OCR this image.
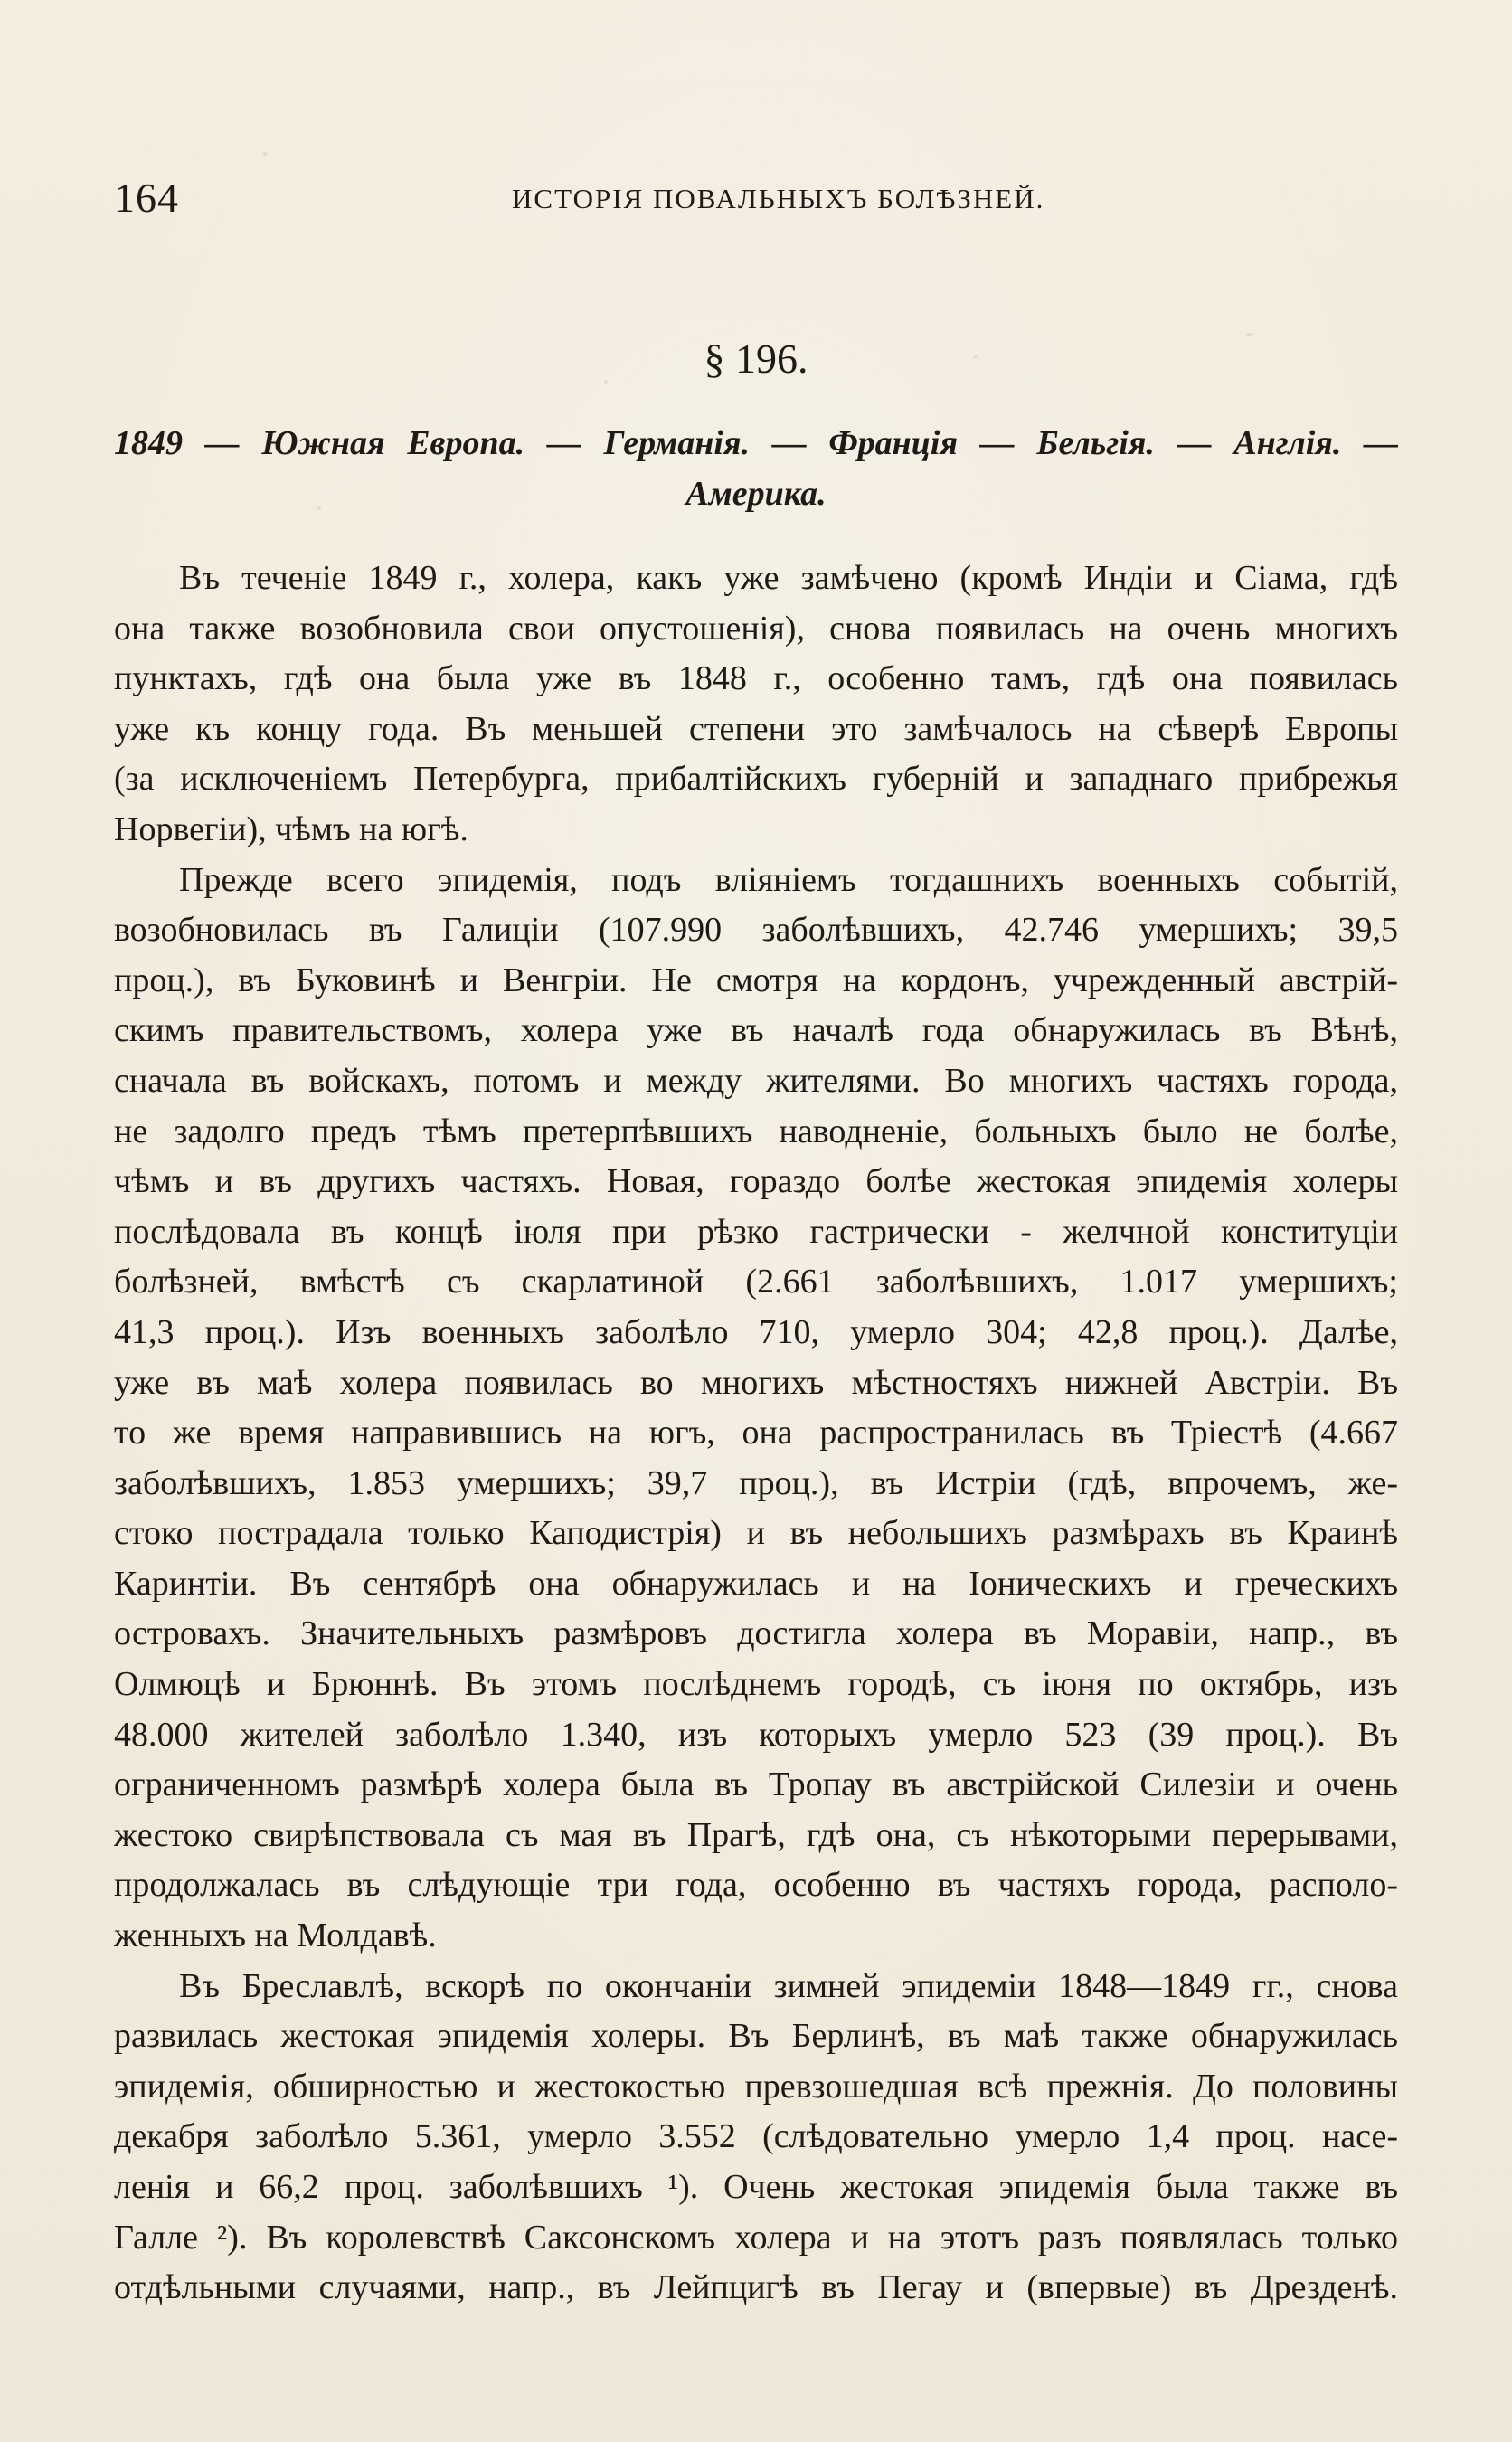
164	ИСТОРІЯ ПОВАЛЬНЫХЪ БОЛѢЗНЕЙ.
§ 196.
1849 — Южная Европа. — Германія. — Франція — Бельгія. — Англія. —
Америка.
Въ теченіе 1849 г., холера, какъ уже замѣчено (кромѣ Индіи и Сіама, гдѣ
она также возобновила свои опустошенія), снова появилась на очень многихъ
пунктахъ, гдѣ она была уже въ 1848 г., особенно тамъ, гдѣ она появилась
уже къ концу года. Въ меньшей степени это замѣчалось на сѣверѣ Европы
(за исключеніемъ Петербурга, прибалтійскихъ губерній и западнаго прибрежья
Норвегіи), чѣмъ на югѣ.
Прежде всего эпидемія, подъ вліяніемъ тогдашнихъ военныхъ событій,
возобновилась въ Галиціи (107.990 заболѣвшихъ, 42.746 умершихъ; 39,5
проц.), въ Буковинѣ и Венгріи. Не смотря на кордонъ, учрежденный австрій-
скимъ правительствомъ, холера уже въ началѣ года обнаружилась въ Вѣнѣ,
сначала въ войскахъ, потомъ и между жителями. Во многихъ частяхъ города,
не задолго предъ тѣмъ претерпѣвшихъ наводненіе, больныхъ было не болѣе,
чѣмъ и въ другихъ частяхъ. Новая, гораздо болѣе жестокая эпидемія холеры
послѣдовала въ концѣ іюля при рѣзко гастрически - желчной конституціи
болѣзней, вмѣстѣ съ скарлатиной (2.661 заболѣвшихъ, 1.017 умершихъ;
41,3 проц.). Изъ военныхъ заболѣло 710, умерло 304; 42,8 проц.). Далѣе,
уже въ маѣ холера появилась во многихъ мѣстностяхъ нижней Австріи. Въ
то же время направившись на югъ, она распространилась въ Тріестѣ (4.667
заболѣвшихъ, 1.853 умершихъ; 39,7 проц.), въ Истріи (гдѣ, впрочемъ, же-
стоко пострадала только Каподистрія) и въ небольшихъ размѣрахъ въ Краинѣ
Каринтіи. Въ сентябрѣ она обнаружилась и на Іоническихъ и греческихъ
островахъ. Значительныхъ размѣровъ достигла холера въ Моравіи, напр., въ
Олмюцѣ и Брюннѣ. Въ этомъ послѣднемъ городѣ, съ іюня по октябрь, изъ
48.000 жителей заболѣло 1.340, изъ которыхъ умерло 523 (39 проц.). Въ
ограниченномъ размѣрѣ холера была въ Тропау въ австрійской Силезіи и очень
жестоко свирѣпствовала съ мая въ Прагѣ, гдѣ она, съ нѣкоторыми перерывами,
продолжалась въ слѣдующіе три года, особенно въ частяхъ города, располо-
женныхъ на Молдавѣ.
Въ Бреславлѣ, вскорѣ по окончаніи зимней эпидеміи 1848—1849 гг., снова
развилась жестокая эпидемія холеры. Въ Берлинѣ, въ маѣ также обнаружилась
эпидемія, обширностью и жестокостью превзошедшая всѣ прежнія. До половины
декабря заболѣло 5.361, умерло 3.552 (слѣдовательно умерло 1,4 проц. насе-
ленія и 66,2 проц. заболѣвшихъ ¹). Очень жестокая эпидемія была также въ
Галле ²). Въ королевствѣ Саксонскомъ холера и на этотъ разъ появлялась только
отдѣльными случаями, напр., въ Лейпцигѣ въ Пегау и (впервые) въ Дрезденѣ.
